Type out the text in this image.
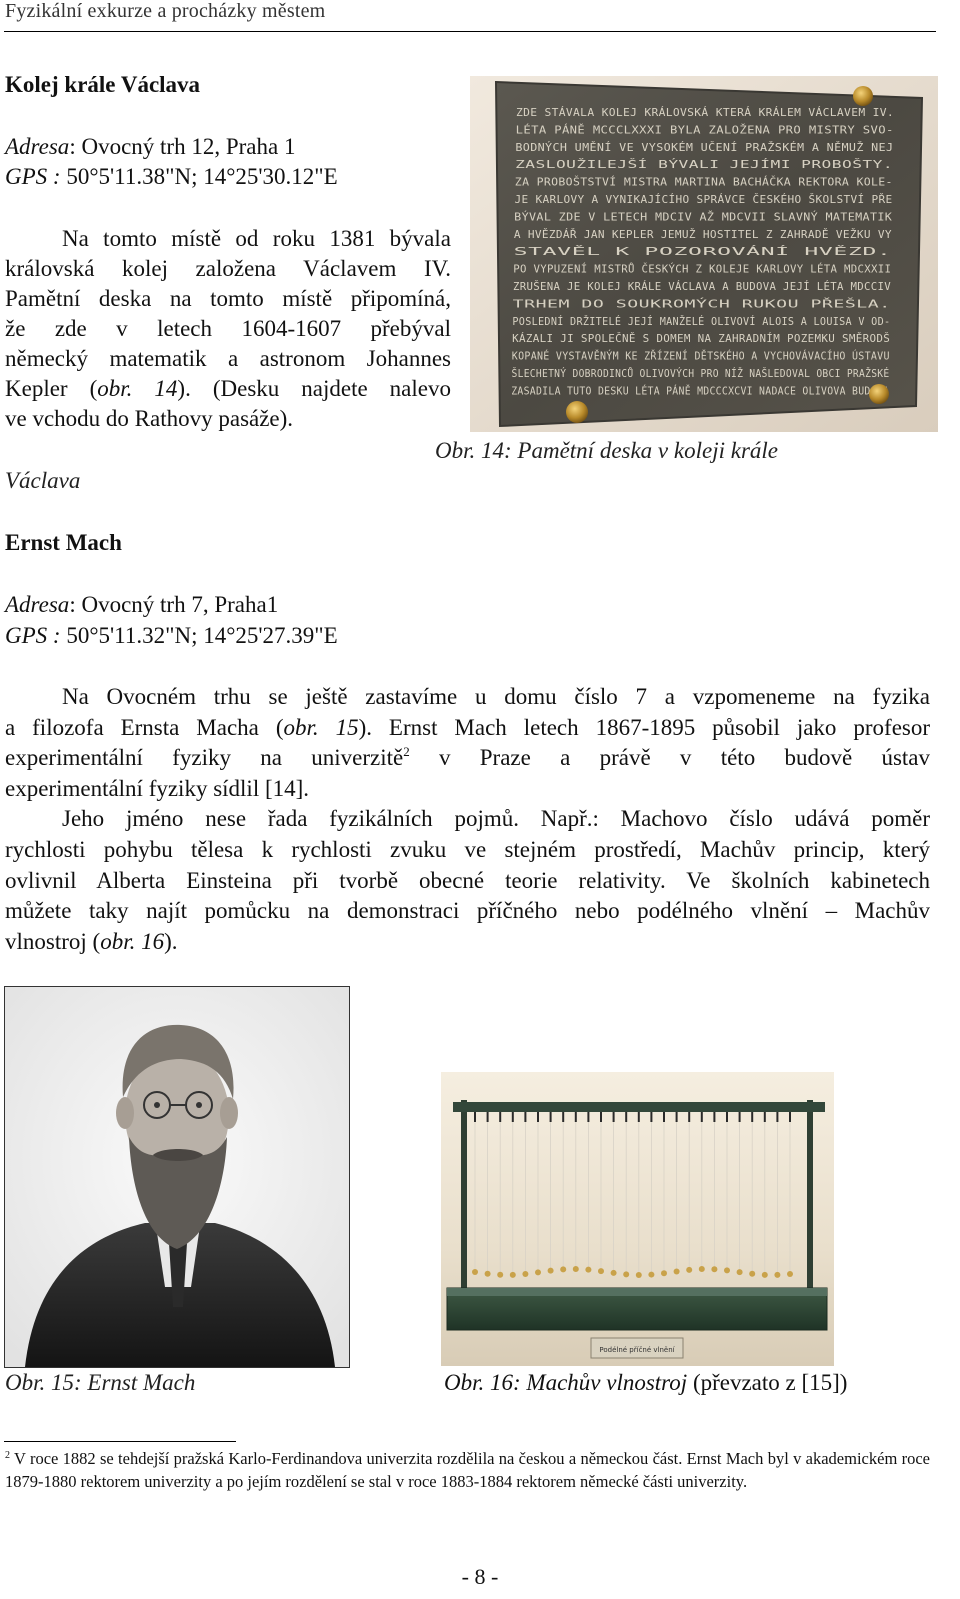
Fyzikální exkurze a procházky městem
Kolej krále Václava
Adresa: Ovocný trh 12, Praha 1
GPS : 50°5'11.38"N; 14°25'30.12"E
Na tomto místě od roku 1381 bývala
královská kolej založena Václavem IV.
Pamětní deska na tomto místě připomíná,
že zde v letech 1604-1607 přebýval
německý matematik a astronom Johannes
Kepler (obr. 14). (Desku najdete nalevo
ve vchodu do Rathovy pasáže).
ZDE STÁVALA KOLEJ KRÁLOVSKÁ KTERÁ KRÁLEM VÁCLAVEM IV. LÉTA PÁNĚ MCCCLXXXI BYLA ZALOŽENA PRO MISTRY SVO-BODNÝCH UMĚNÍ VE VYSOKÉM UČENÍ PRAŽSKÉM A NĚMUŽ NEJ ZASLOUŽILEJŠÍ BÝVALI JEJÍMI PROBOŠTY. ZA PROBOŠTSTVÍ MISTRA MARTINA BACHÁČKA REKTORA KOLE-JE KARLOVY A VYNIKAJÍCÍHO SPRÁVCE ČESKÉHO ŠKOLSTVÍ PŘE BÝVAL ZDE V LETECH MDCIV AŽ MDCVII SLAVNÝ MATEMATIK A HVĚZDÁŘ JAN KEPLER JEMUŽ HOSTITEL Z ZAHRADĚ VEŽKU VY STAVĚL K POZOROVÁNÍ HVĚZD. PO VYPUZENÍ MISTRŮ ČESKÝCH Z KOLEJE KARLOVY LÉTA MDCXXII ZRUŠENA JE KOLEJ KRÁLE VÁCLAVA A BUDOVA JEJÍ LÉTA MDCCIV TRHEM DO SOUKROMÝCH RUKOU PŘEŠLA. POSLEDNÍ DRŽITELÉ JEJÍ MANŽELÉ OLIVOVÍ ALOIS A LOUISA V OD-KÁZALI JI SPOLEČNĚ S DOMEM NA ZAHRADNÍM POZEMKU SMĚRODŠ KOPANÉ VYSTAVĚNÝM KE ZŘÍZENÍ DĚTSKÉHO A VYCHOVÁVACÍHO ÚSTAVU ŠLECHETNÝ DOBRODINCŮ OLIVOVÝCH PRO NÍŽ NAŠLEDOVAL OBCI PRAŽSKÉ ZASADILA TUTO DESKU LÉTA PÁNĚ MDCCCXCVI NADACE OLIVOVA BUDOVA
Obr. 14: Pamětní deska v koleji krále
Václava
Ernst Mach
Adresa: Ovocný trh 7, Praha1
GPS : 50°5'11.32"N; 14°25'27.39"E
Na Ovocném trhu se ještě zastavíme u domu číslo 7 a vzpomeneme na fyzika
a filozofa Ernsta Macha (obr. 15). Ernst Mach letech 1867-1895 působil jako profesor
experimentální fyziky na univerzitě$^2$ v Praze a právě v této budově ústav
experimentální fyziky sídlil [14].
Jeho jméno nese řada fyzikálních pojmů. Např.: Machovo číslo udává poměr
rychlosti pohybu tělesa k rychlosti zvuku ve stejném prostředí, Machův princip, který
ovlivnil Alberta Einsteina při tvorbě obecné teorie relativity. Ve školních kabinetech
můžete taky najít pomůcku na demonstraci příčného nebo podélného vlnění – Machův
vlnostroj (obr. 16).
Podélné příčné vlnění
Obr. 15: Ernst Mach	Obr. 16: Machův vlnostroj (převzato z [15])
$^2$ V roce 1882 se tehdejší pražská Karlo-Ferdinandova univerzita rozdělila na českou a německou část. Ernst Mach byl v akademickém roce 1879-1880 rektorem univerzity a po jejím rozdělení se stal v roce 1883-1884 rektorem německé části univerzity.
- 8 -
